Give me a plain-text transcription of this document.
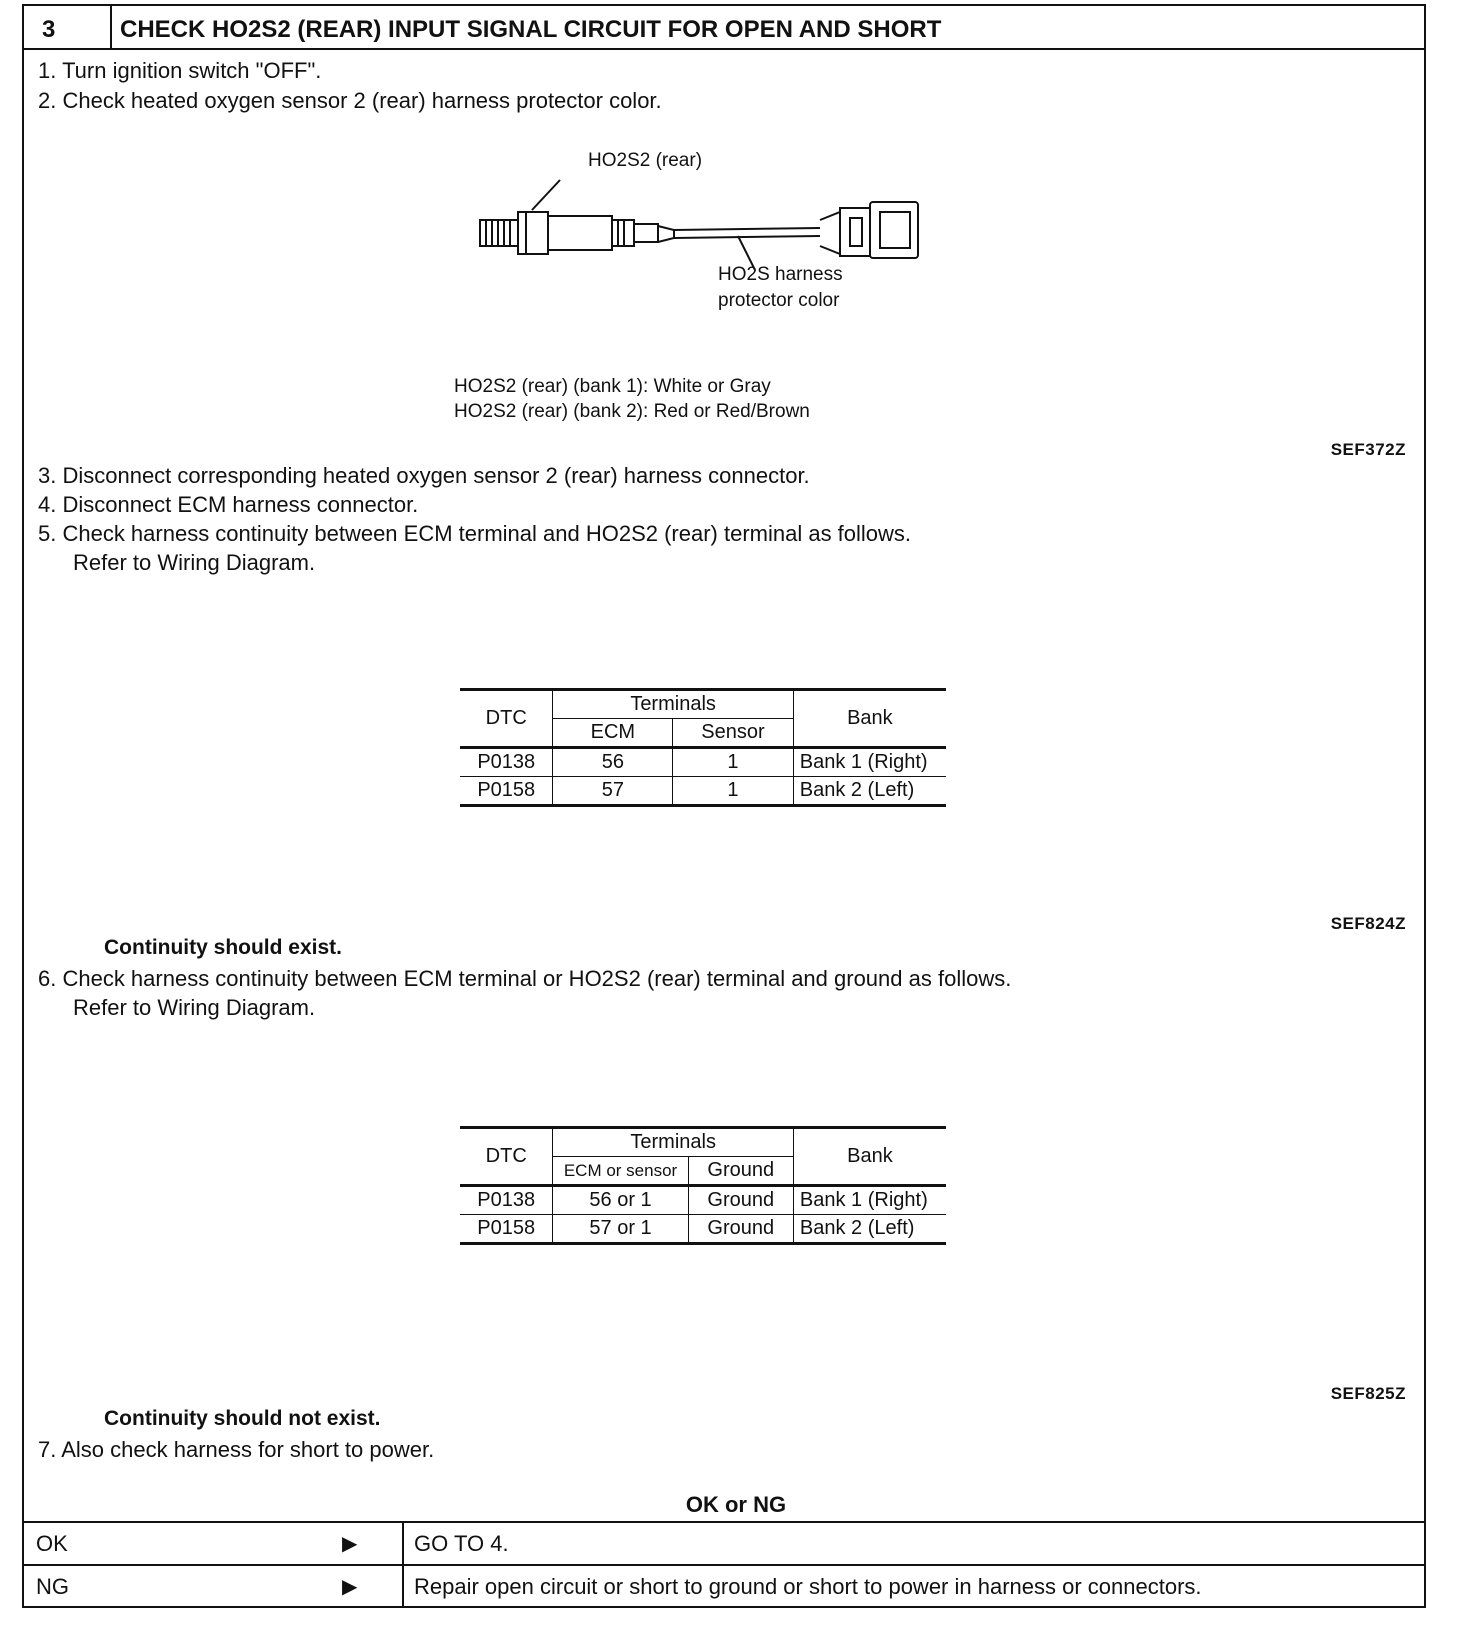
3	CHECK HO2S2 (REAR) INPUT SIGNAL CIRCUIT FOR OPEN AND SHORT
1. Turn ignition switch "OFF".
2. Check heated oxygen sensor 2 (rear) harness protector color.
HO2S2 (rear)
HO2S harness
protector color
HO2S2 (rear) (bank 1): White or Gray
HO2S2 (rear) (bank 2): Red or Red/Brown
SEF372Z
3. Disconnect corresponding heated oxygen sensor 2 (rear) harness connector.
4. Disconnect ECM harness connector.
5. Check harness continuity between ECM terminal and HO2S2 (rear) terminal as follows.
Refer to Wiring Diagram.
DTC	Terminals		Bank
	ECM	Sensor	
P0138	56	1	Bank 1 (Right)
P0158	57	1	Bank 2 (Left)
SEF824Z
Continuity should exist.
6. Check harness continuity between ECM terminal or HO2S2 (rear) terminal and ground as follows.
Refer to Wiring Diagram.
DTC	Terminals		Bank
	ECM or sensor	Ground	
P0138	56 or 1	Ground	Bank 1 (Right)
P0158	57 or 1	Ground	Bank 2 (Left)
SEF825Z
Continuity should not exist.
7. Also check harness for short to power.
OK or NG
OK	▶	GO TO 4.
NG	▶	Repair open circuit or short to ground or short to power in harness or connectors.
